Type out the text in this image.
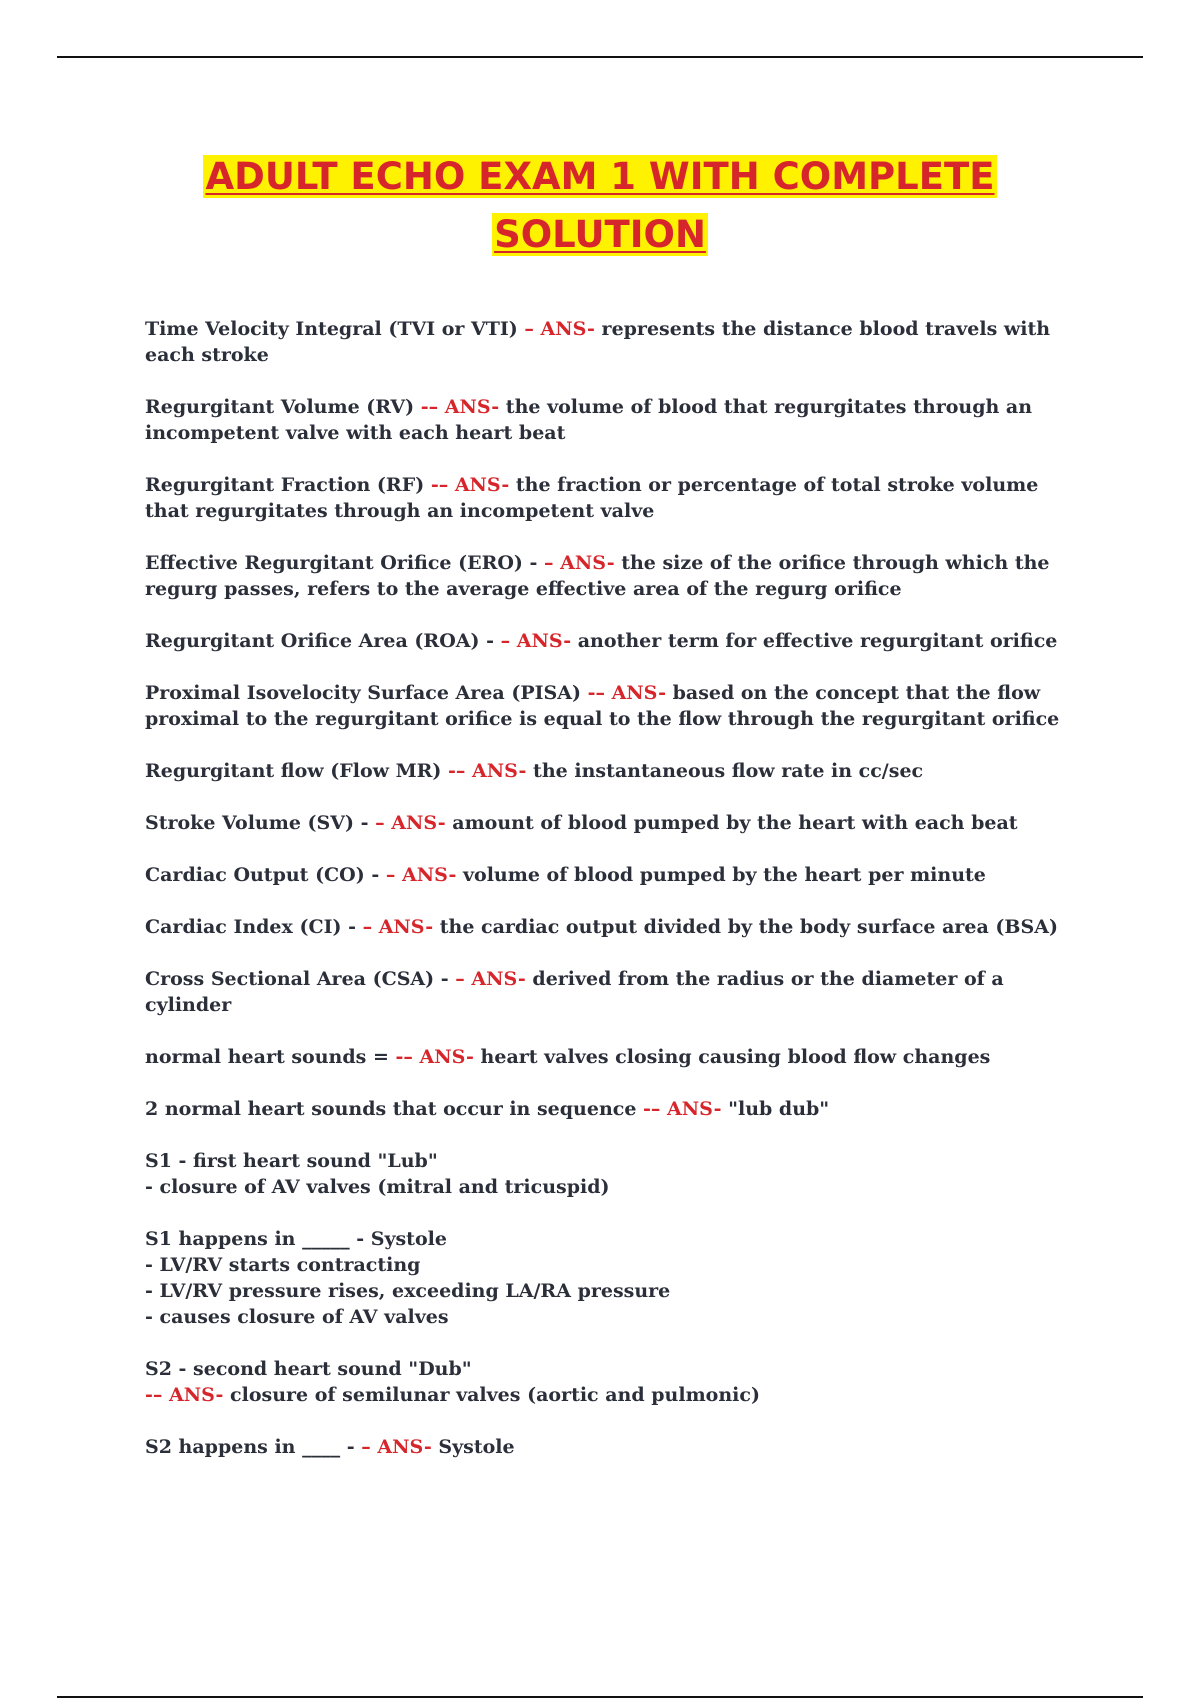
ADULT ECHO EXAM 1 WITH COMPLETE
SOLUTION
Time Velocity Integral (TVI or VTI) – ANS- represents the distance blood travels with each stroke
Regurgitant Volume (RV) -– ANS- the volume of blood that regurgitates through an incompetent valve with each heart beat
Regurgitant Fraction (RF) -– ANS- the fraction or percentage of total stroke volume that regurgitates through an incompetent valve
Effective Regurgitant Orifice (ERO) - – ANS- the size of the orifice through which the regurg passes, refers to the average effective area of the regurg orifice
Regurgitant Orifice Area (ROA) - – ANS- another term for effective regurgitant orifice
Proximal Isovelocity Surface Area (PISA) -– ANS- based on the concept that the flow proximal to the regurgitant orifice is equal to the flow through the regurgitant orifice
Regurgitant flow (Flow MR) -– ANS- the instantaneous flow rate in cc/sec
Stroke Volume (SV) - – ANS- amount of blood pumped by the heart with each beat
Cardiac Output (CO) - – ANS- volume of blood pumped by the heart per minute
Cardiac Index (CI) - – ANS- the cardiac output divided by the body surface area (BSA)
Cross Sectional Area (CSA) - – ANS- derived from the radius or the diameter of a cylinder
normal heart sounds = -– ANS- heart valves closing causing blood flow changes
2 normal heart sounds that occur in sequence -– ANS- "lub dub"
S1 - first heart sound "Lub"
- closure of AV valves (mitral and tricuspid)
S1 happens in _____ - Systole
- LV/RV starts contracting
- LV/RV pressure rises, exceeding LA/RA pressure
- causes closure of AV valves
S2 - second heart sound "Dub"
-– ANS- closure of semilunar valves (aortic and pulmonic)
S2 happens in ____ - – ANS- Systole
